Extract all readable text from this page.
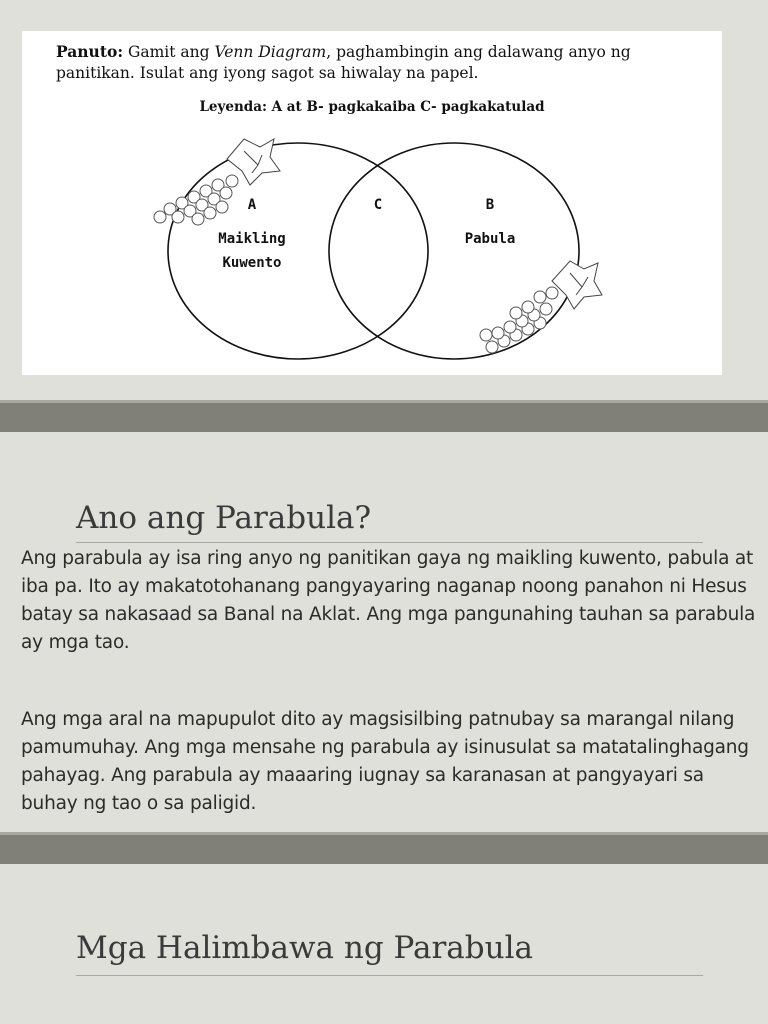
Panuto: Gamit ang Venn Diagram, paghambingin ang dalawang anyo ng panitikan. Isulat ang iyong sagot sa hiwalay na papel.
Leyenda: A at B- pagkakaiba C- pagkakatulad
A
Maikling
Kuwento
C	B
Pabula
Ano ang Parabula?
Ang parabula ay isa ring anyo ng panitikan gaya ng maikling kuwento, pabula at iba pa. Ito ay makatotohanang pangyayaring naganap noong panahon ni Hesus batay sa nakasaad sa Banal na Aklat. Ang mga pangunahing tauhan sa parabula ay mga tao.
Ang mga aral na mapupulot dito ay magsisilbing patnubay sa marangal nilang pamumuhay. Ang mga mensahe ng parabula ay isinusulat sa matatalinghagang pahayag. Ang parabula ay maaaring iugnay sa karanasan at pangyayari sa buhay ng tao o sa paligid.
Mga Halimbawa ng Parabula
